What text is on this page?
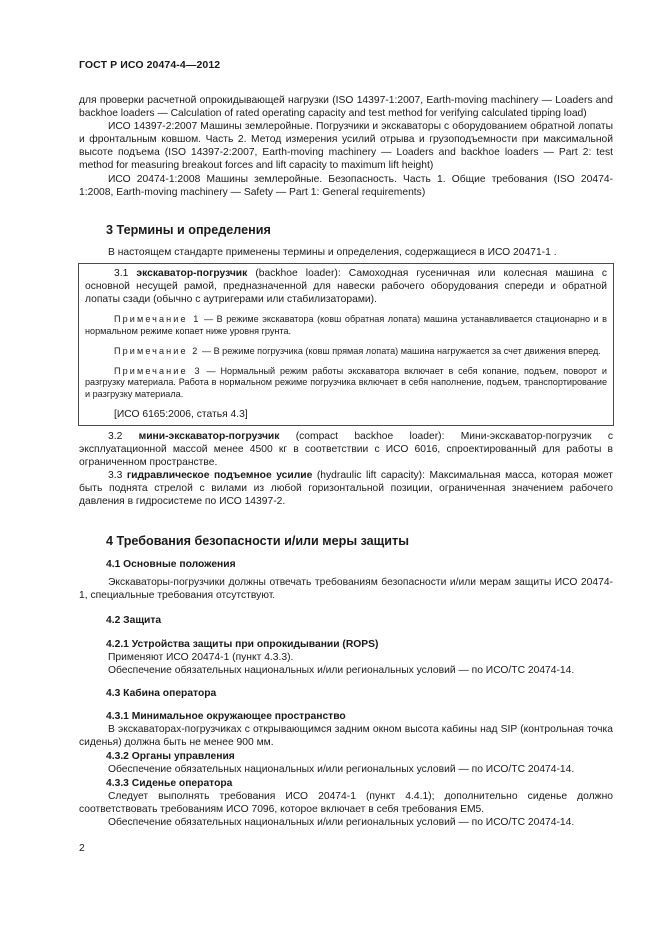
ГОСТ Р ИСО 20474-4—2012

для проверки расчетной опрокидывающей нагрузки (ISO 14397-1:2007, Earth-moving machinery — Loaders and backhoe loaders — Calculation of rated operating capacity and test method for verifying calculated tipping load)

ИСО 14397-2:2007 Машины землеройные. Погрузчики и экскаваторы с оборудованием обратной лопаты и фронтальным ковшом. Часть 2. Метод измерения усилий отрыва и грузоподъемности при максимальной высоте подъема (ISO 14397-2:2007, Earth-moving machinery — Loaders and backhoe loaders — Part 2: test method for measuring breakout forces and lift capacity to maximum lift height)

ИСО 20474-1:2008 Машины землеройные. Безопасность. Часть 1. Общие требования (ISO 20474-1:2008, Earth-moving machinery — Safety — Part 1: General requirements)

3 Термины и определения

В настоящем стандарте применены термины и определения, содержащиеся в ИСО 20471-1 .

3.1 экскаватор-погрузчик (backhoe loader): Самоходная гусеничная или колесная машина с основной несущей рамой, предназначенной для навески рабочего оборудования спереди и обратной лопаты сзади (обычно с аутригерами или стабилизаторами).

Примечание 1 — В режиме экскаватора (ковш обратная лопата) машина устанавливается стационарно и в нормальном режиме копает ниже уровня грунта.

Примечание 2 — В режиме погрузчика (ковш прямая лопата) машина нагружается за счет движения вперед.

Примечание 3 — Нормальный режим работы экскаватора включает в себя копание, подъем, поворот и разгрузку материала. Работа в нормальном режиме погрузчика включает в себя наполнение, подъем, транспортирование и разгрузку материала.

[ИСО 6165:2006, статья 4.3]

3.2 мини-экскаватор-погрузчик (compact backhoe loader): Мини-экскаватор-погрузчик с эксплуатационной массой менее 4500 кг в соответствии с ИСО 6016, спроектированный для работы в ограниченном пространстве.

3.3 гидравлическое подъемное усилие (hydraulic lift capacity): Максимальная масса, которая может быть поднята стрелой с вилами из любой горизонтальной позиции, ограниченная значением рабочего давления в гидросистеме по ИСО 14397-2.

4 Требования безопасности и/или меры защиты
4.1 Основные положения

Экскаваторы-погрузчики должны отвечать требованиям безопасности и/или мерам защиты ИСО 20474-1, специальные требования отсутствуют.

4.2 Защита
4.2.1 Устройства защиты при опрокидывании (ROPS)

Применяют ИСО 20474-1 (пункт 4.3.3).

Обеспечение обязательных национальных и/или региональных условий — по ИСО/ТС 20474-14.

4.3 Кабина оператора
4.3.1 Минимальное окружающее пространство

В экскаваторах-погрузчиках с открывающимся задним окном высота кабины над SIP (контрольная точка сиденья) должна быть не менее 900 мм.

4.3.2 Органы управления

Обеспечение обязательных национальных и/или региональных условий — по ИСО/ТС 20474-14.

4.3.3 Сиденье оператора

Следует выполнять требования ИСО 20474-1 (пункт 4.4.1); дополнительно сиденье должно соответствовать требованиям ИСО 7096, которое включает в себя требования ЕМ5.

Обеспечение обязательных национальных и/или региональных условий — по ИСО/ТС 20474-14.

2
